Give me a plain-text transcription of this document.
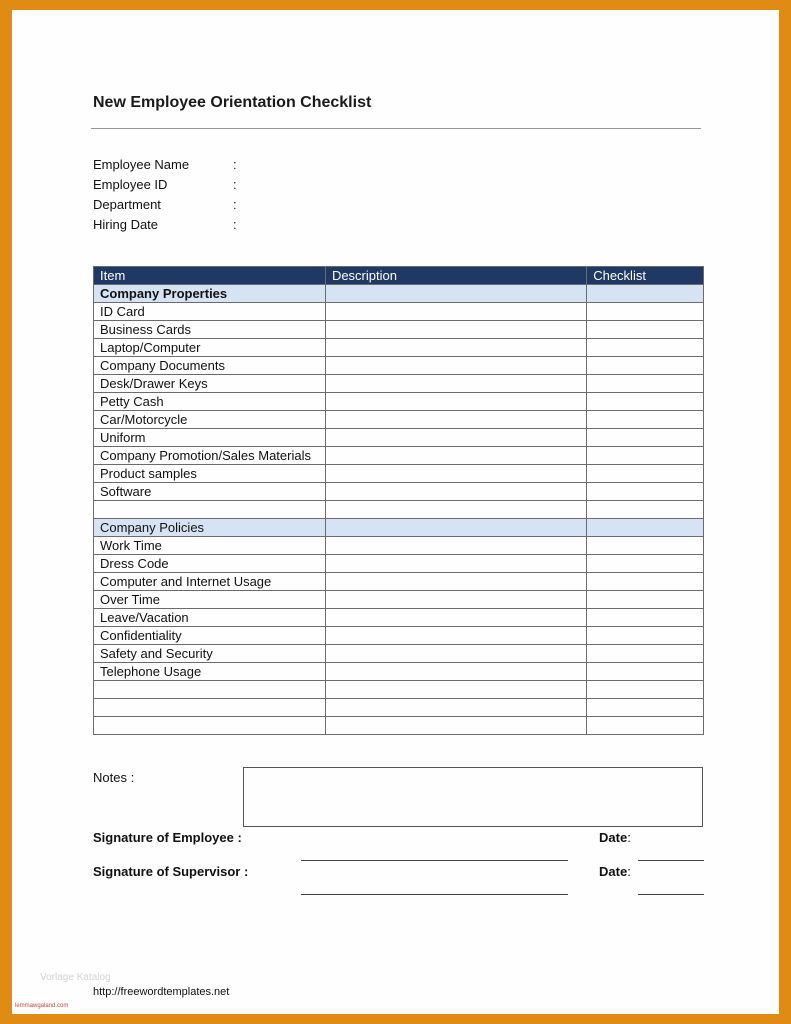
New Employee Orientation Checklist
Employee Name	:
Employee ID	:
Department	:
Hiring Date	:
Item	Description	Checklist
Company Properties		
ID Card		
Business Cards		
Laptop/Computer		
Company Documents		
Desk/Drawer Keys		
Petty Cash		
Car/Motorcycle		
Uniform		
Company Promotion/Sales Materials		
Product samples		
Software		

Company Policies		
Work Time		
Dress Code		
Computer and Internet Usage		
Over Time		
Leave/Vacation		
Confidentiality		
Safety and Security		
Telephone Usage		

Notes :
Signature of Employee :	Date:
Signature of Supervisor :	Date:
Vorlage Katalog
lemmawgaland.com
http://freewordtemplates.net
